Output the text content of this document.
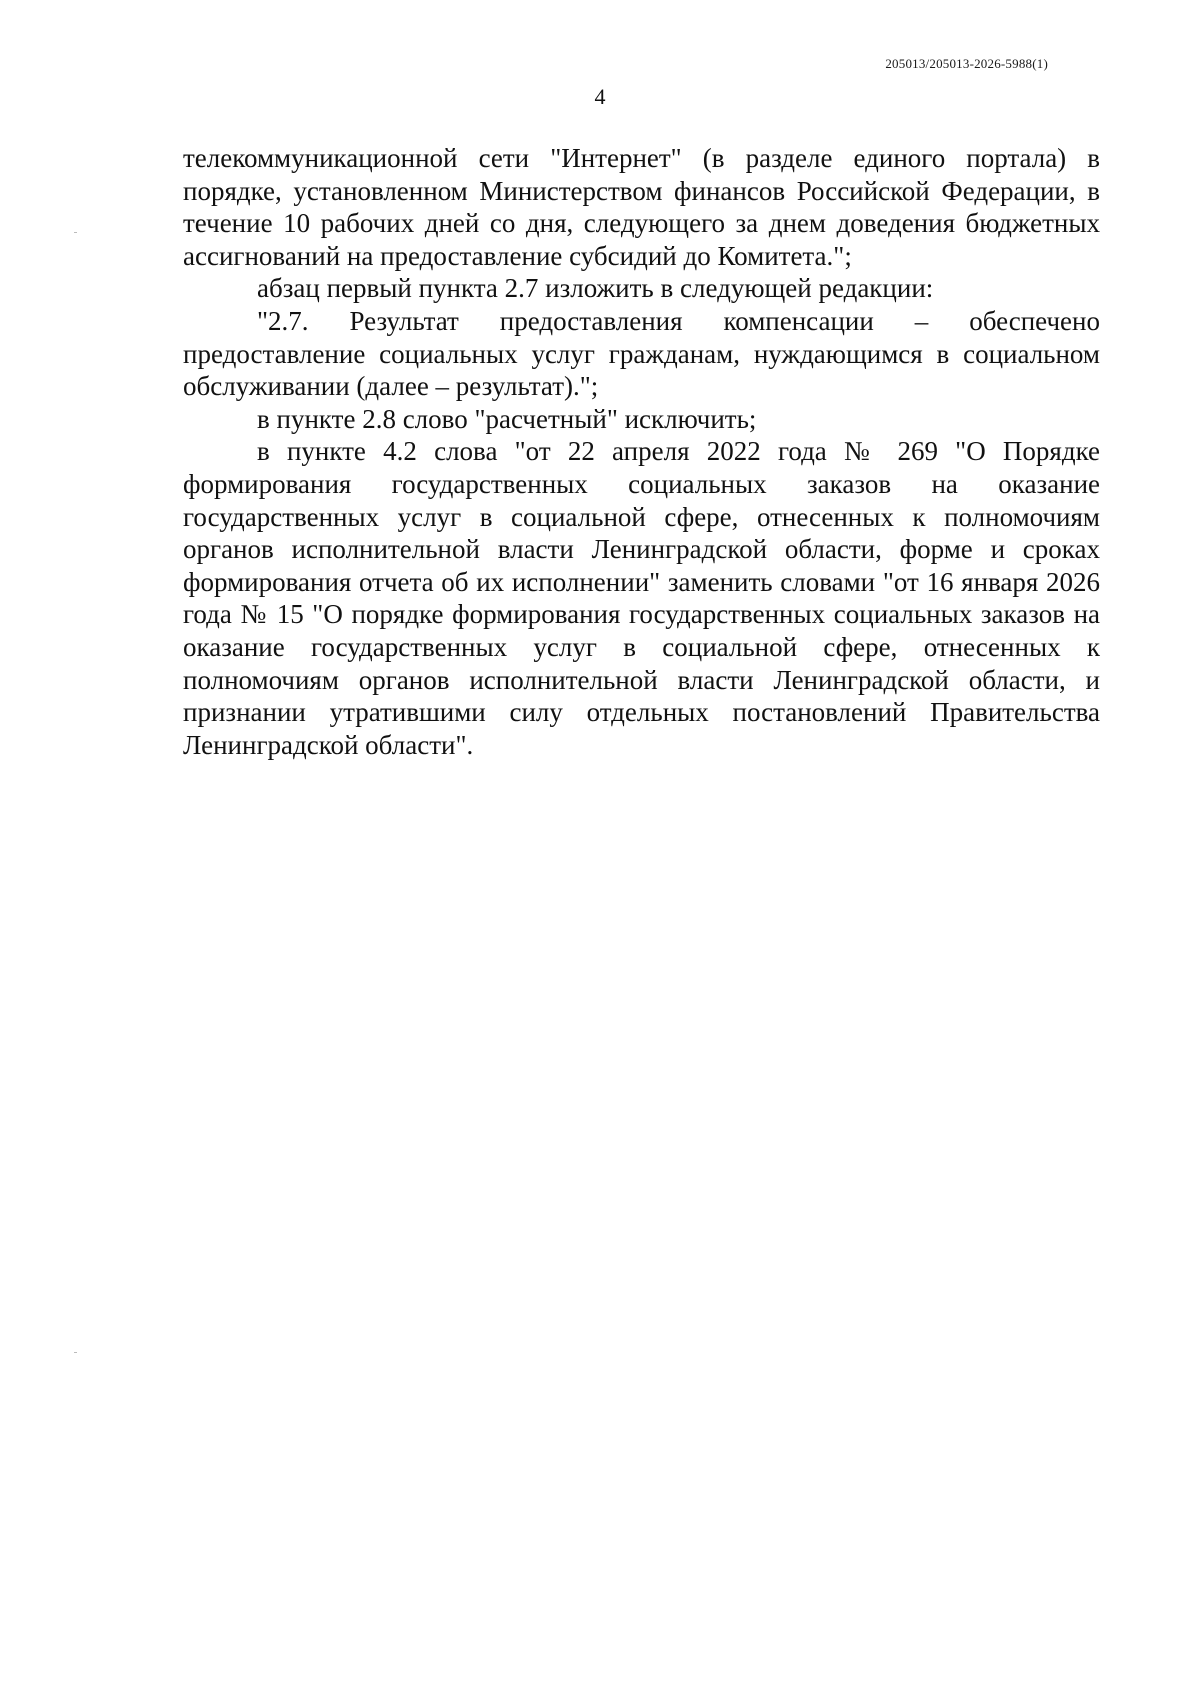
205013/205013-2026-5988(1)
4

телекоммуникационной сети "Интернет" (в разделе единого портала) в порядке, установленном Министерством финансов Российской Федерации, в течение 10 рабочих дней со дня, следующего за днем доведения бюджетных ассигнований на предоставление субсидий до Комитета.";

абзац первый пункта 2.7 изложить в следующей редакции:

"2.7. Результат предоставления компенсации – обеспечено предоставление социальных услуг гражданам, нуждающимся в социальном обслуживании (далее – результат).";

в пункте 2.8 слово "расчетный" исключить;

в пункте 4.2 слова "от 22 апреля 2022 года № 269 "О Порядке формирования государственных социальных заказов на оказание государственных услуг в социальной сфере, отнесенных к полномочиям органов исполнительной власти Ленинградской области, форме и сроках формирования отчета об их исполнении" заменить словами "от 16 января 2026 года № 15 "О порядке формирования государственных социальных заказов на оказание государственных услуг в социальной сфере, отнесенных к полномочиям органов исполнительной власти Ленинградской области, и признании утратившими силу отдельных постановлений Правительства Ленинградской области".
